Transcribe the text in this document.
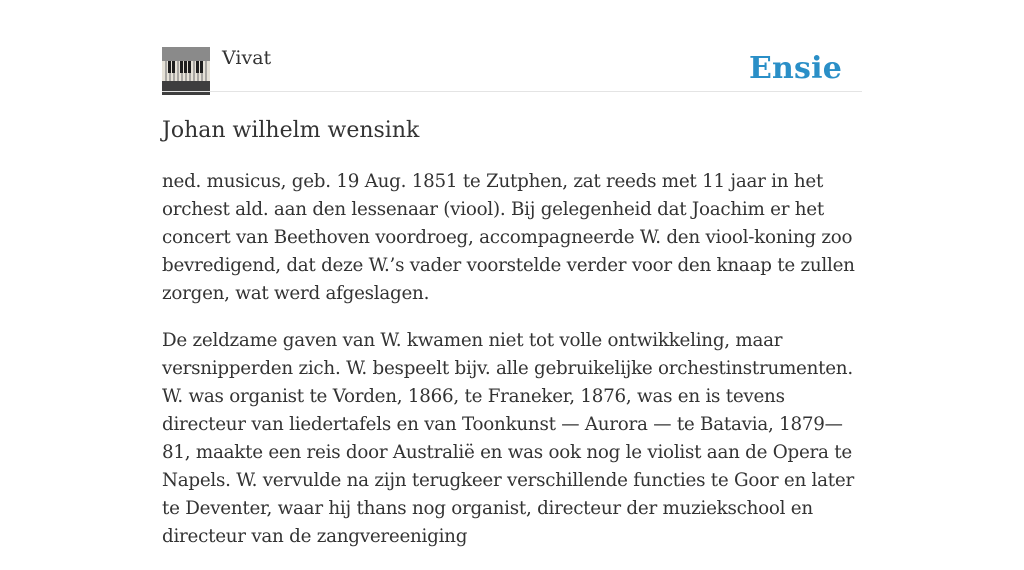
Vivat	Ensie
Johan wilhelm wensink

ned. musicus, geb. 19 Aug. 1851 te Zutphen, zat reeds met 11 jaar in het orchest ald. aan den lessenaar (viool). Bij gelegenheid dat Joachim er het concert van Beethoven voordroeg, accompagneerde W. den viool-koning zoo bevredigend, dat deze W.’s vader voorstelde verder voor den knaap te zullen zorgen, wat werd afgeslagen.

De zeldzame gaven van W. kwamen niet tot volle ontwikkeling, maar versnipperden zich. W. bespeelt bijv. alle gebruikelijke orchestinstrumenten. W. was organist te Vorden, 1866, te Franeker, 1876, was en is tevens directeur van liedertafels en van Toonkunst — Aurora — te Batavia, 1879—81, maakte een reis door Australië en was ook nog le violist aan de Opera te Napels. W. vervulde na zijn terugkeer verschillende functies te Goor en later te Deventer, waar hij thans nog organist, directeur der muziekschool en directeur van de zangvereeniging
